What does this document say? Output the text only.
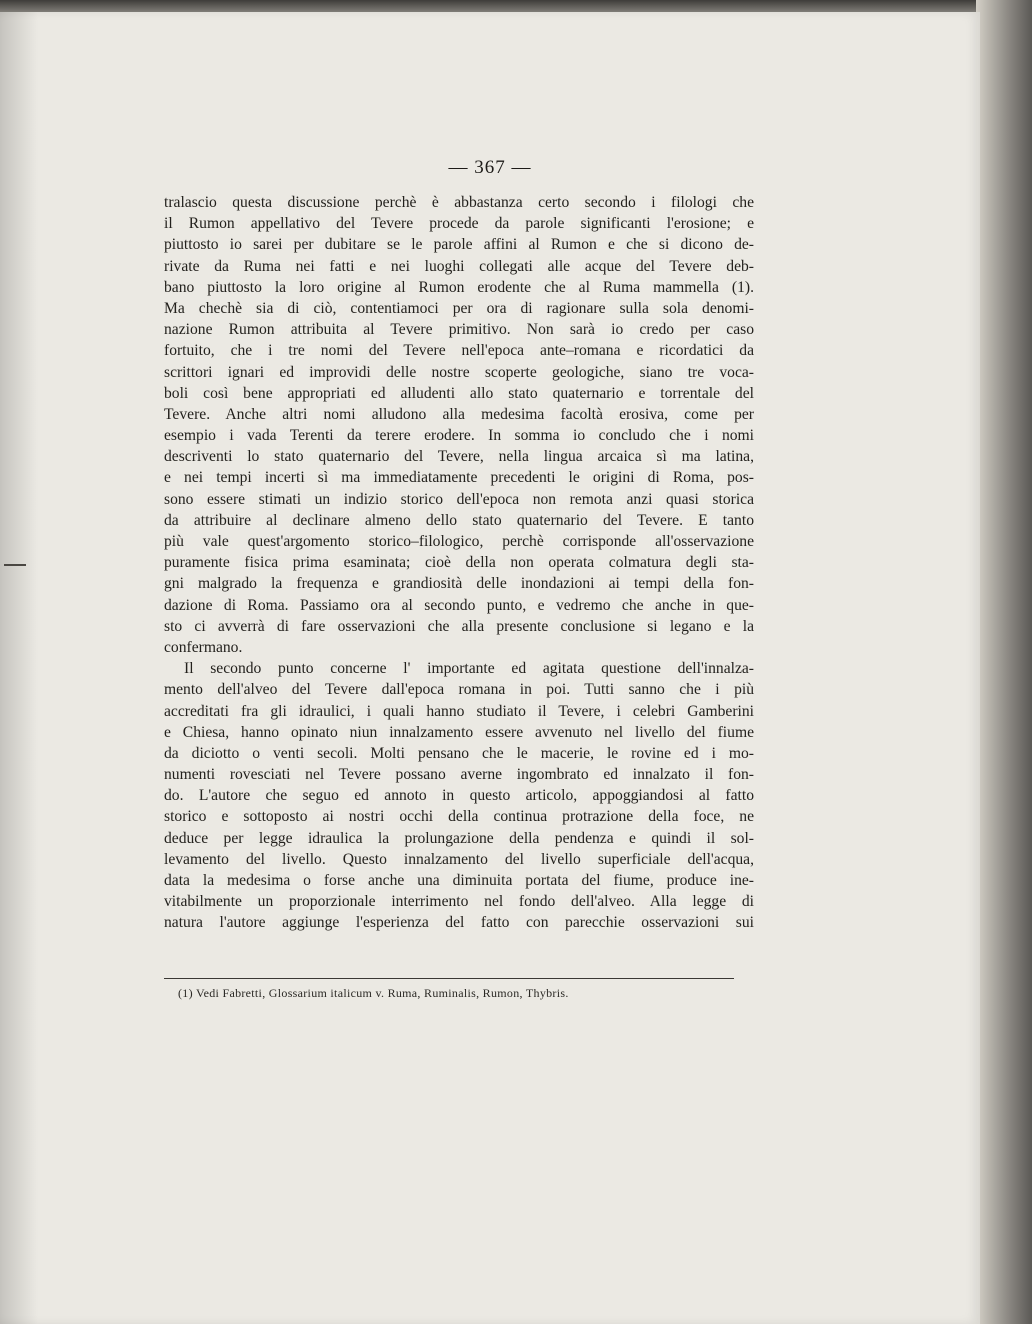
— 367 —
tralascio questa discussione perchè è abbastanza certo secondo i filologi che
il Rumon appellativo del Tevere procede da parole significanti l'erosione; e
piuttosto io sarei per dubitare se le parole affini al Rumon e che si dicono de-
rivate da Ruma nei fatti e nei luoghi collegati alle acque del Tevere deb-
bano piuttosto la loro origine al Rumon erodente che al Ruma mammella (1).
Ma chechè sia di ciò, contentiamoci per ora di ragionare sulla sola denomi-
nazione Rumon attribuita al Tevere primitivo. Non sarà io credo per caso
fortuito, che i tre nomi del Tevere nell'epoca ante–romana e ricordatici da
scrittori ignari ed improvidi delle nostre scoperte geologiche, siano tre voca-
boli così bene appropriati ed alludenti allo stato quaternario e torrentale del
Tevere. Anche altri nomi alludono alla medesima facoltà erosiva, come per
esempio i vada Terenti da terere erodere. In somma io concludo che i nomi
descriventi lo stato quaternario del Tevere, nella lingua arcaica sì ma latina,
e nei tempi incerti sì ma immediatamente precedenti le origini di Roma, pos-
sono essere stimati un indizio storico dell'epoca non remota anzi quasi storica
da attribuire al declinare almeno dello stato quaternario del Tevere. E tanto
più vale quest'argomento storico–filologico, perchè corrisponde all'osservazione
puramente fisica prima esaminata; cioè della non operata colmatura degli sta-
gni malgrado la frequenza e grandiosità delle inondazioni ai tempi della fon-
dazione di Roma. Passiamo ora al secondo punto, e vedremo che anche in que-
sto ci avverrà di fare osservazioni che alla presente conclusione si legano e la
confermano.
Il secondo punto concerne l' importante ed agitata questione dell'innalza-
mento dell'alveo del Tevere dall'epoca romana in poi. Tutti sanno che i più
accreditati fra gli idraulici, i quali hanno studiato il Tevere, i celebri Gamberini
e Chiesa, hanno opinato niun innalzamento essere avvenuto nel livello del fiume
da diciotto o venti secoli. Molti pensano che le macerie, le rovine ed i mo-
numenti rovesciati nel Tevere possano averne ingombrato ed innalzato il fon-
do. L'autore che seguo ed annoto in questo articolo, appoggiandosi al fatto
storico e sottoposto ai nostri occhi della continua protrazione della foce, ne
deduce per legge idraulica la prolungazione della pendenza e quindi il sol-
levamento del livello. Questo innalzamento del livello superficiale dell'acqua,
data la medesima o forse anche una diminuita portata del fiume, produce ine-
vitabilmente un proporzionale interrimento nel fondo dell'alveo. Alla legge di
natura l'autore aggiunge l'esperienza del fatto con parecchie osservazioni sui
(1) Vedi Fabretti, Glossarium italicum v. Ruma, Ruminalis, Rumon, Thybris.
